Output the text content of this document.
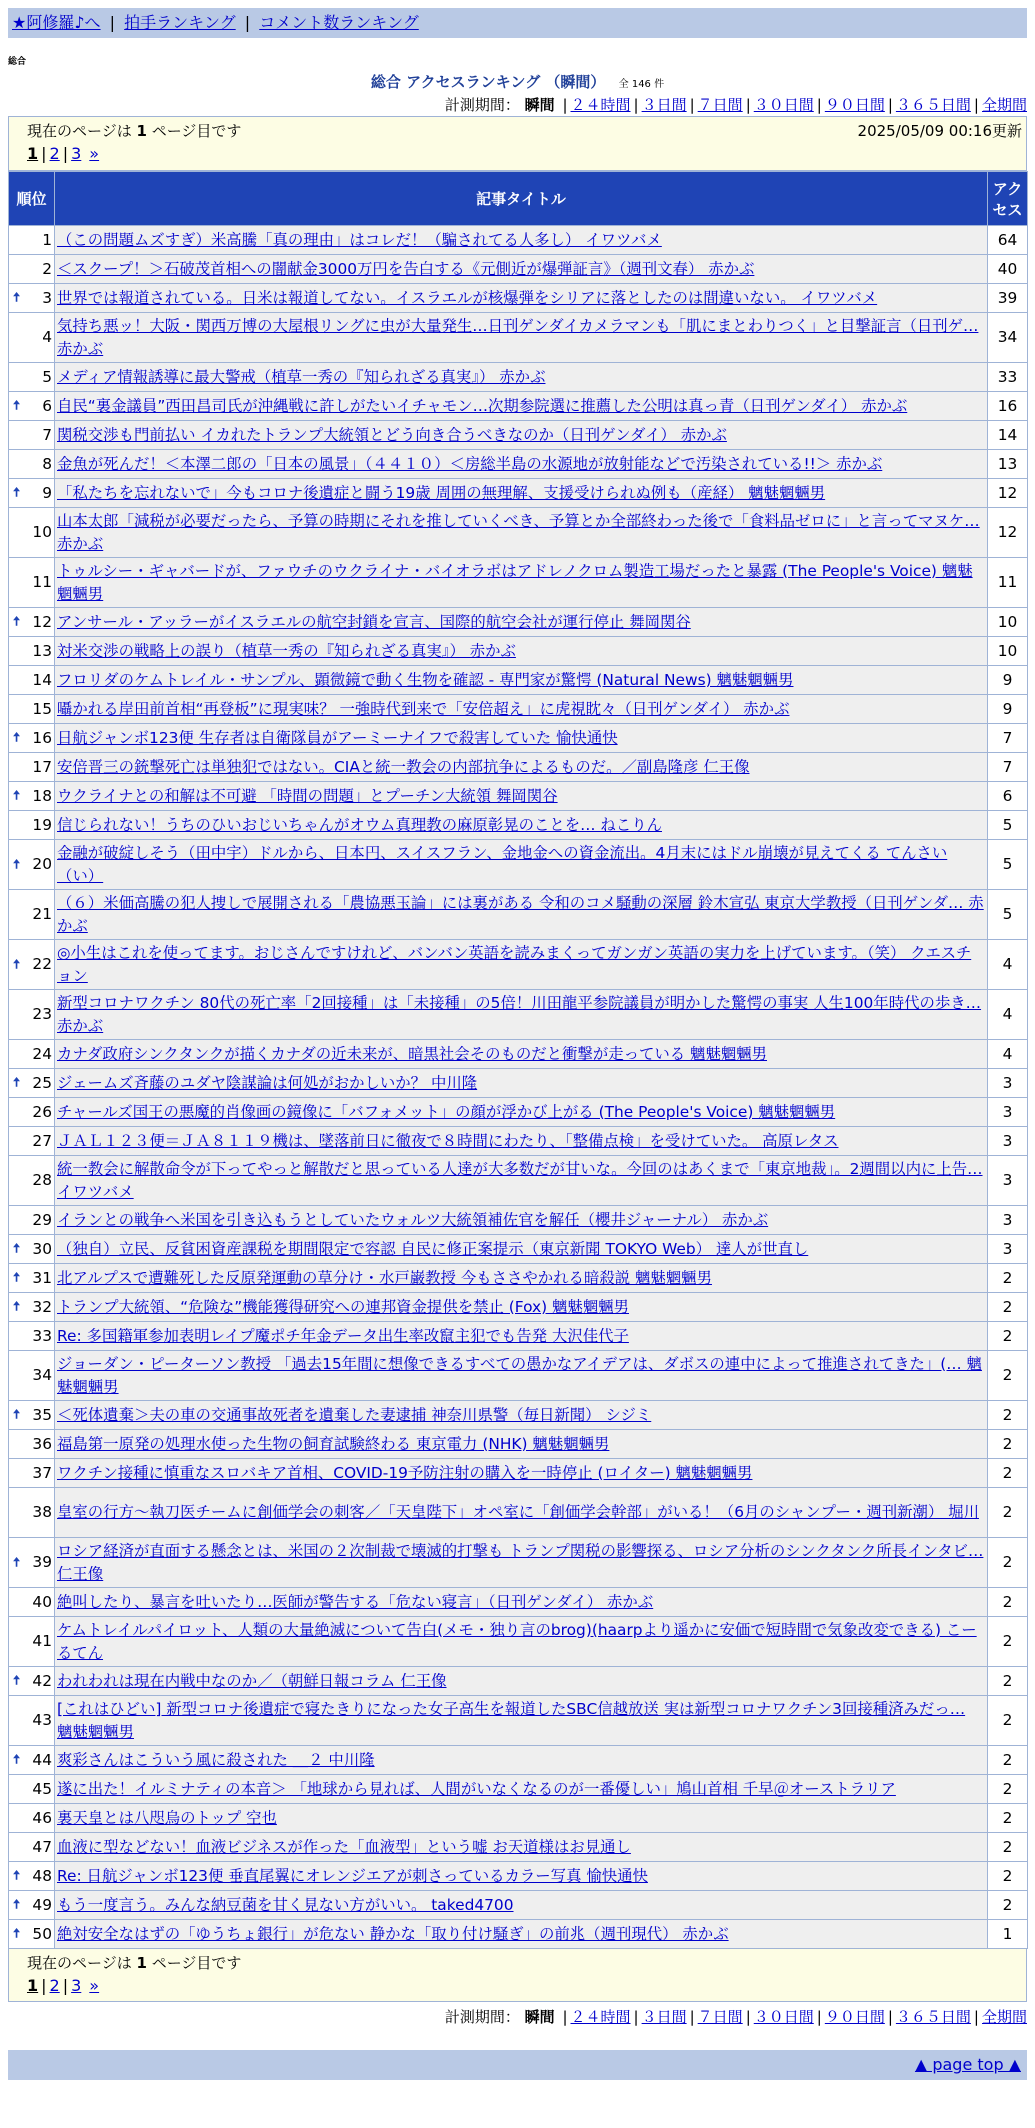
★阿修羅♪へ | 拍手ランキング | コメント数ランキング
総合
総合 アクセスランキング （瞬間） 全 146 件
計測期間： 瞬間 | ２４時間 | ３日間 | ７日間 | ３０日間 | ９０日間 | ３６５日間 | 全期間
現在のページは 1 ページ目です	2025/05/09 00:16更新
1 | 2 | 3 »
順位	記事タイトル	アクセス
1	（この問題ムズすぎ）米高騰「真の理由」はコレだ！（騙されてる人多し） イワツバメ	64
2	＜スクープ！＞石破茂首相への闇献金3000万円を告白する《元側近が爆弾証言》（週刊文春） 赤かぶ	40

🠅 3	世界では報道されている。日米は報道してない。イスラエルが核爆弾をシリアに落としたのは間違いない。 イワツバメ	39
4	気持ち悪ッ！大阪・関西万博の大屋根リングに虫が大量発生…日刊ゲンダイカメラマンも「肌にまとわりつく」と目撃証言（日刊ゲ… 赤かぶ	34
5	メディア情報誘導に最大警戒（植草一秀の『知られざる真実』） 赤かぶ	33

🠅 6	自民“裏金議員”西田昌司氏が沖縄戦に許しがたいイチャモン…次期参院選に推薦した公明は真っ青（日刊ゲンダイ） 赤かぶ	16
7	関税交渉も門前払い イカれたトランプ大統領とどう向き合うべきなのか（日刊ゲンダイ） 赤かぶ	14
8	金魚が死んだ！＜本澤二郎の「日本の風景」（４４１０）＜房総半島の水源地が放射能などで汚染されている!!＞ 赤かぶ	13

🠅 9	「私たちを忘れないで」今もコロナ後遺症と闘う19歳 周囲の無理解、支援受けられぬ例も（産経） 魑魅魍魎男	12
10	山本太郎「減税が必要だったら、予算の時期にそれを推していくべき、予算とか全部終わった後で「食料品ゼロに」と言ってマヌケ… 赤かぶ	12
11	トゥルシー・ギャバードが、ファウチのウクライナ・バイオラボはアドレノクロム製造工場だったと暴露 (The People's Voice) 魑魅魍魎男	11

🠅 12	アンサール・アッラーがイスラエルの航空封鎖を宣言、国際的航空会社が運行停止 舞岡関谷	10
13	対米交渉の戦略上の誤り（植草一秀の『知られざる真実』） 赤かぶ	10
14	フロリダのケムトレイル・サンプル、顕微鏡で動く生物を確認 - 専門家が驚愕 (Natural News) 魑魅魍魎男	9
15	囁かれる岸田前首相“再登板”に現実味？ 一強時代到来で「安倍超え」に虎視眈々（日刊ゲンダイ） 赤かぶ	9

🠅 16	日航ジャンボ123便 生存者は自衛隊員がアーミーナイフで殺害していた 愉快通快	7
17	安倍晋三の銃撃死亡は単独犯ではない。CIAと統一教会の内部抗争によるものだ。／副島隆彦 仁王像	7

🠅 18	ウクライナとの和解は不可避 「時間の問題」とプーチン大統領 舞岡関谷	6
19	信じられない！うちのひいおじいちゃんがオウム真理教の麻原彰晃のことを… ねこりん	5

🠅 20	金融が破綻しそう（田中宇）ドルから、日本円、スイスフラン、金地金への資金流出。4月末にはドル崩壊が見えてくる てんさい（い）	5
21	（６）米価高騰の犯人捜しで展開される「農協悪玉論」には裏がある 令和のコメ騒動の深層 鈴木宣弘 東京大学教授（日刊ゲンダ… 赤かぶ	5

🠅 22	◎小生はこれを使ってます。おじさんですけれど、バンバン英語を読みまくってガンガン英語の実力を上げています。（笑） クエスチョン	4
23	新型コロナワクチン 80代の死亡率「2回接種」は「未接種」の5倍！川田龍平参院議員が明かした驚愕の事実 人生100年時代の歩き… 赤かぶ	4
24	カナダ政府シンクタンクが描くカナダの近未来が、暗黒社会そのものだと衝撃が走っている 魑魅魍魎男	4

🠅 25	ジェームズ斉藤のユダヤ陰謀論は何処がおかしいか？ 中川隆	3
26	チャールズ国王の悪魔的肖像画の鏡像に「バフォメット」の顔が浮かび上がる (The People's Voice) 魑魅魍魎男	3
27	ＪＡＬ１２３便＝ＪＡ８１１９機は、墜落前日に徹夜で８時間にわたり、「整備点検」を受けていた。 高原レタス	3
28	統一教会に解散命令が下ってやっと解散だと思っている人達が大多数だが甘いな。今回のはあくまで「東京地裁」。2週間以内に上告… イワツバメ	3
29	イランとの戦争へ米国を引き込もうとしていたウォルツ大統領補佐官を解任（櫻井ジャーナル） 赤かぶ	3

🠅 30	（独自）立民、反貧困資産課税を期間限定で容認 自民に修正案提示（東京新聞 TOKYO Web） 達人が世直し	3

🠅 31	北アルプスで遭難死した反原発運動の草分け・水戸巌教授 今もささやかれる暗殺説 魑魅魍魎男	2

🠅 32	トランプ大統領、“危険な”機能獲得研究への連邦資金提供を禁止 (Fox) 魑魅魍魎男	2
33	Re: 多国籍軍参加表明レイプ魔ポチ年金データ出生率改竄主犯でも告発 大沢佳代子	2
34	ジョーダン・ピーターソン教授 「過去15年間に想像できるすべての愚かなアイデアは、ダボスの連中によって推進されてきた」(… 魑魅魍魎男	2

🠅 35	＜死体遺棄＞夫の車の交通事故死者を遺棄した妻逮捕 神奈川県警（毎日新聞） シジミ	2
36	福島第一原発の処理水使った生物の飼育試験終わる 東京電力 (NHK) 魑魅魍魎男	2
37	ワクチン接種に慎重なスロバキア首相、COVID-19予防注射の購入を一時停止 (ロイター) 魑魅魍魎男	2
38	皇室の行方〜執刀医チームに創価学会の刺客／「天皇陛下」オペ室に「創価学会幹部」がいる！（6月のシャンプー・週刊新潮） 堀川	2

🠅 39	ロシア経済が直面する懸念とは、米国の２次制裁で壊滅的打撃も トランプ関税の影響探る、ロシア分析のシンクタンク所長インタビ… 仁王像	2
40	絶叫したり、暴言を吐いたり…医師が警告する「危ない寝言」（日刊ゲンダイ） 赤かぶ	2
41	ケムトレイルパイロット、人類の大量絶滅について告白(メモ・独り言のbrog)(haarpより遥かに安価で短時間で気象改変できる) こーるてん	2

🠅 42	われわれは現在内戦中なのか／（朝鮮日報コラム 仁王像	2
43	[これはひどい] 新型コロナ後遺症で寝たきりになった女子高生を報道したSBC信越放送 実は新型コロナワクチン3回接種済みだっ… 魑魅魍魎男	2

🠅 44	爽彩さんはこういう風に殺された ＿２ 中川隆	2
45	遂に出た！イルミナティの本音＞ 「地球から見れば、人間がいなくなるのが一番優しい」鳩山首相 千早＠オーストラリア	2
46	裏天皇とは八咫烏のトップ 空也	2
47	血液に型などない！血液ビジネスが作った「血液型」という嘘 お天道様はお見通し	2

🠅 48	Re: 日航ジャンボ123便 垂直尾翼にオレンジエアが刺さっているカラー写真 愉快通快	2

🠅 49	もう一度言う。みんな納豆菌を甘く見ない方がいい。 taked4700	2

🠅 50	絶対安全なはずの「ゆうちょ銀行」が危ない 静かな「取り付け騒ぎ」の前兆（週刊現代） 赤かぶ	1
現在のページは 1 ページ目です
1 | 2 | 3 »
計測期間： 瞬間 | ２４時間 | ３日間 | ７日間 | ３０日間 | ９０日間 | ３６５日間 | 全期間
▲ page top ▲
